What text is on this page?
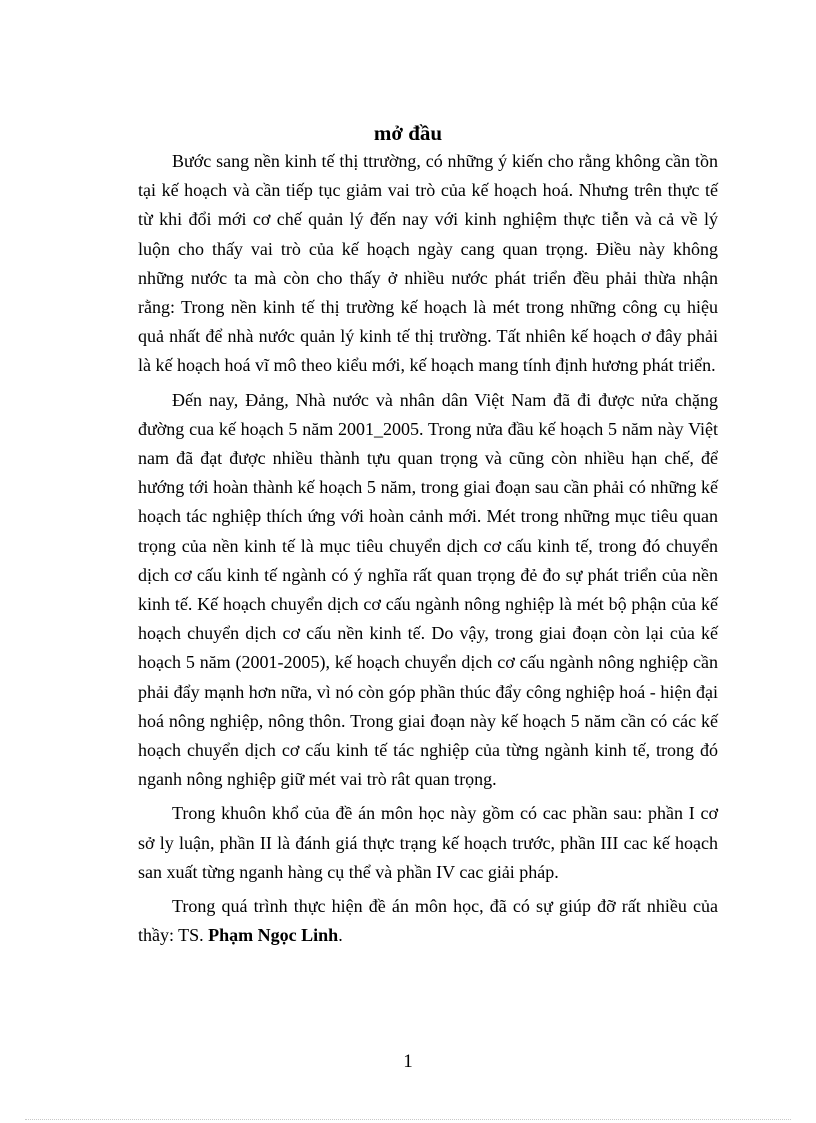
mở đầu

Bước sang nền kinh tế thị ttrường, có những ý kiến cho rằng không cần tồn tại kế hoạch và cần tiếp tục giảm vai trò của kế hoạch hoá. Nhưng trên thực tế từ khi đổi mới cơ chế quản lý đến nay với kinh nghiệm thực tiễn và cả về lý luộn cho thấy vai trò của kế hoạch ngày cang quan trọng. Điều này không những nước ta mà còn cho thấy ở nhiều nước phát triển đều phải thừa nhận rằng: Trong nền kinh tế thị trường kế hoạch là mét trong những công cụ hiệu quả nhất để nhà nước quản lý kinh tế thị trường. Tất nhiên kế hoạch ơ đây phải là kế hoạch hoá vĩ mô theo kiểu mới, kế hoạch mang tính định hương phát triển.

Đến nay, Đảng, Nhà nước và nhân dân Việt Nam đã đi được nửa chặng đường cua kế hoạch 5 năm 2001_2005. Trong nửa đầu kế hoạch 5 năm này Việt nam đã đạt được nhiều thành tựu quan trọng và cũng còn nhiều hạn chế, để hướng tới hoàn thành kế hoạch 5 năm, trong giai đoạn sau cần phải có những kế hoạch tác nghiệp thích ứng với hoàn cảnh mới. Mét trong những mục tiêu quan trọng của nền kinh tế là mục tiêu chuyển dịch cơ cấu kinh tế, trong đó chuyển dịch cơ cấu kinh tế ngành có ý nghĩa rất quan trọng đẻ đo sự phát triển của nền kinh tế. Kế hoạch chuyển dịch cơ cấu ngành nông nghiệp là mét bộ phận của kế hoạch chuyển dịch cơ cấu nền kinh tế. Do vậy, trong giai đoạn còn lại của kế hoạch 5 năm (2001-2005), kế hoạch chuyển dịch cơ cấu ngành nông nghiệp cần phải đẩy mạnh hơn nữa, vì nó còn góp phần thúc đẩy công nghiệp hoá - hiện đại hoá nông nghiệp, nông thôn. Trong giai đoạn này kế hoạch 5 năm cần có các kế hoạch chuyển dịch cơ cấu kinh tế tác nghiệp của từng ngành kinh tế, trong đó nganh nông nghiệp giữ mét vai trò rât quan trọng.

Trong khuôn khổ của đề án môn học này gồm có cac phần sau: phần I cơ sở ly luận, phần II là đánh giá thực trạng kế hoạch trước, phần III cac kế hoạch san xuất từng nganh hàng cụ thể và phần IV cac giải pháp.

Trong quá trình thực hiện đề án môn học, đã có sự giúp đỡ rất nhiều của thầy: TS. Phạm Ngọc Linh.

1
